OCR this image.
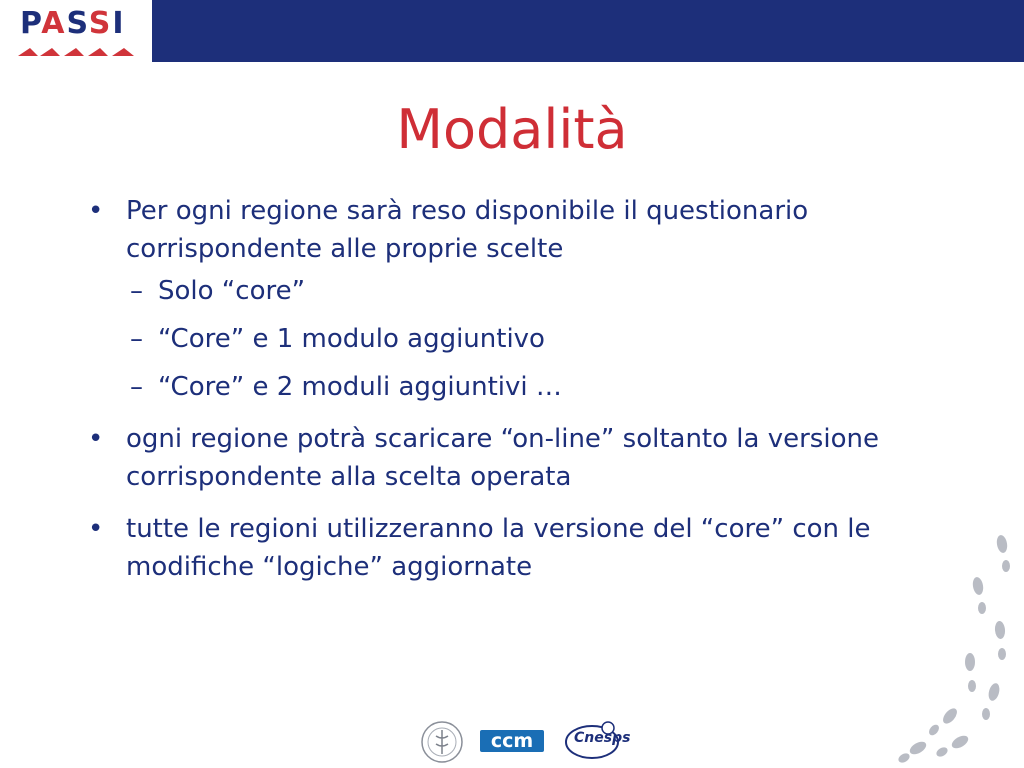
PASSI
Modalità
• Per ogni regione sarà reso disponibile il questionario corrispondente alle proprie scelte
– Solo “core”
– “Core” e 1 modulo aggiuntivo
– “Core” e 2 moduli aggiuntivi …
• ogni regione potrà scaricare “on-line” soltanto la versione corrispondente alla scelta operata
• tutte le regioni utilizzeranno la versione del “core” con le modifiche “logiche” aggiornate
ccm	Cnesps
